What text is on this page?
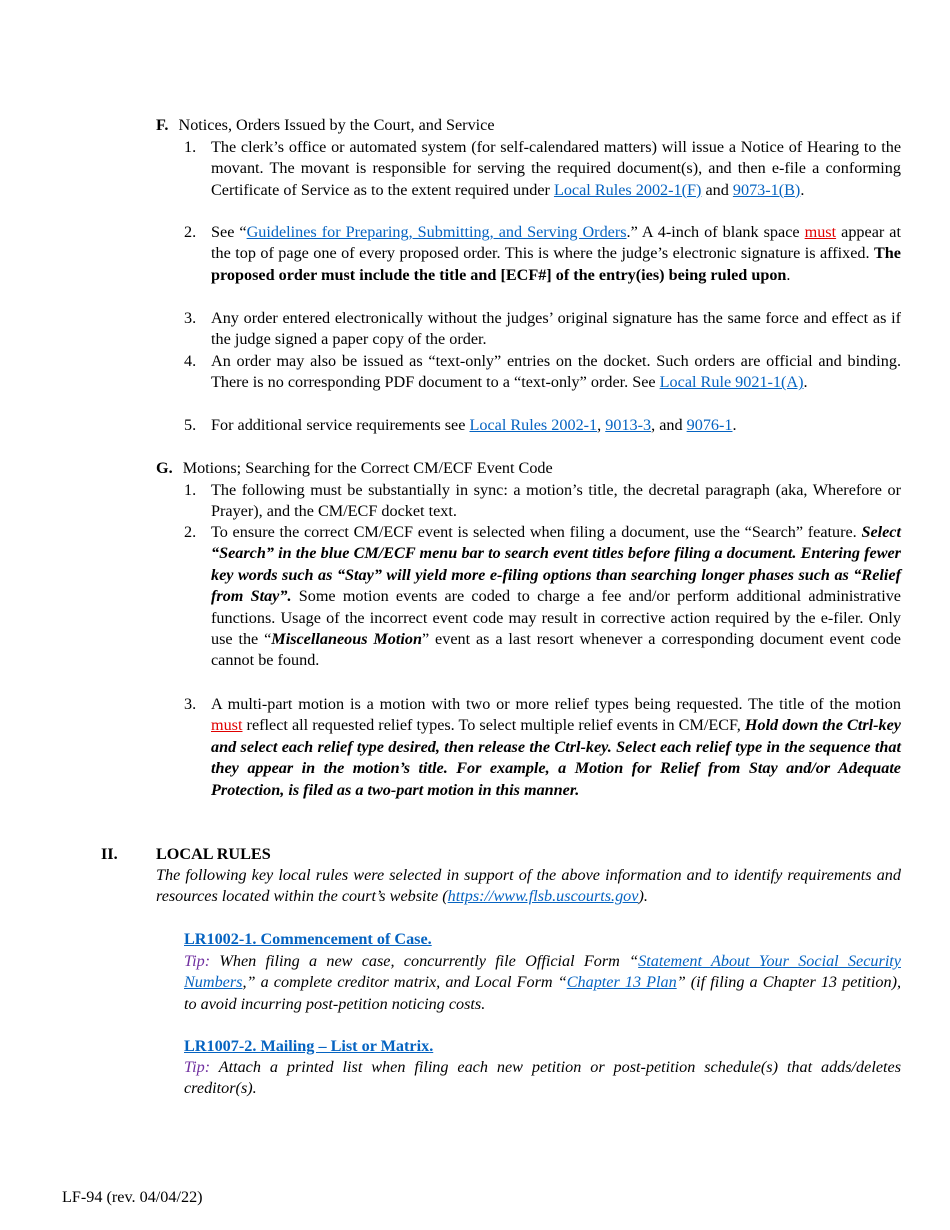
F. Notices, Orders Issued by the Court, and Service
1. The clerk’s office or automated system (for self-calendared matters) will issue a Notice of Hearing to the movant. The movant is responsible for serving the required document(s), and then e-file a conforming Certificate of Service as to the extent required under Local Rules 2002-1(F) and 9073-1(B).
2. See “Guidelines for Preparing, Submitting, and Serving Orders.” A 4-inch of blank space must appear at the top of page one of every proposed order. This is where the judge’s electronic signature is affixed. The proposed order must include the title and [ECF#] of the entry(ies) being ruled upon.
3. Any order entered electronically without the judges’ original signature has the same force and effect as if the judge signed a paper copy of the order.
4. An order may also be issued as “text-only” entries on the docket. Such orders are official and binding. There is no corresponding PDF document to a “text-only” order. See Local Rule 9021-1(A).
5. For additional service requirements see Local Rules 2002-1, 9013-3, and 9076-1.
G. Motions; Searching for the Correct CM/ECF Event Code
1. The following must be substantially in sync: a motion’s title, the decretal paragraph (aka, Wherefore or Prayer), and the CM/ECF docket text.
2. To ensure the correct CM/ECF event is selected when filing a document, use the “Search” feature. Select “Search” in the blue CM/ECF menu bar to search event titles before filing a document. Entering fewer key words such as “Stay” will yield more e-filing options than searching longer phases such as “Relief from Stay”. Some motion events are coded to charge a fee and/or perform additional administrative functions. Usage of the incorrect event code may result in corrective action required by the e-filer. Only use the “Miscellaneous Motion” event as a last resort whenever a corresponding document event code cannot be found.
3. A multi-part motion is a motion with two or more relief types being requested. The title of the motion must reflect all requested relief types. To select multiple relief events in CM/ECF, Hold down the Ctrl-key and select each relief type desired, then release the Ctrl-key. Select each relief type in the sequence that they appear in the motion’s title. For example, a Motion for Relief from Stay and/or Adequate Protection, is filed as a two-part motion in this manner.
II. LOCAL RULES
The following key local rules were selected in support of the above information and to identify requirements and resources located within the court’s website (https://www.flsb.uscourts.gov).
LR1002-1. Commencement of Case.
Tip: When filing a new case, concurrently file Official Form “Statement About Your Social Security Numbers,” a complete creditor matrix, and Local Form “Chapter 13 Plan” (if filing a Chapter 13 petition), to avoid incurring post-petition noticing costs.
LR1007-2. Mailing – List or Matrix.
Tip: Attach a printed list when filing each new petition or post-petition schedule(s) that adds/deletes creditor(s).
LF-94 (rev. 04/04/22)
